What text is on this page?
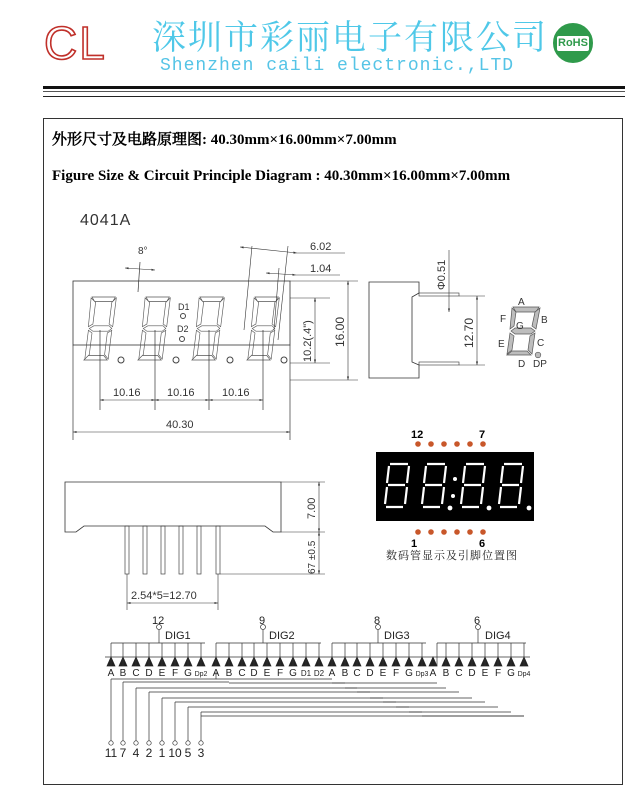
CL 深圳市彩丽电子有限公司
Shenzhen caili electronic.,LTD
RoHS
外形尺寸及电路原理图: 40.30mm×16.00mm×7.00mm
Figure Size & Circuit Principle Diagram : 40.30mm×16.00mm×7.00mm
4041A
10.16 10.16 10.16
40.30
8°	6.02
1.04
10.2(.4") 16.00
D1
D2
Φ0.51
12.70
A
B
C
D
E
F
G
DP
12	7
1	6
7.00
67 ±0.5
2.54*5=12.70
12
DIG1
9
DIG2
8
DIG3
6
DIG4
A B C D E F G Dp2 A B C D E F G D1 D2 A B C D E F G Dp3 A B C D E F G Dp4
11 7 4 2 1 10 5 3
数码管显示及引脚位置图
